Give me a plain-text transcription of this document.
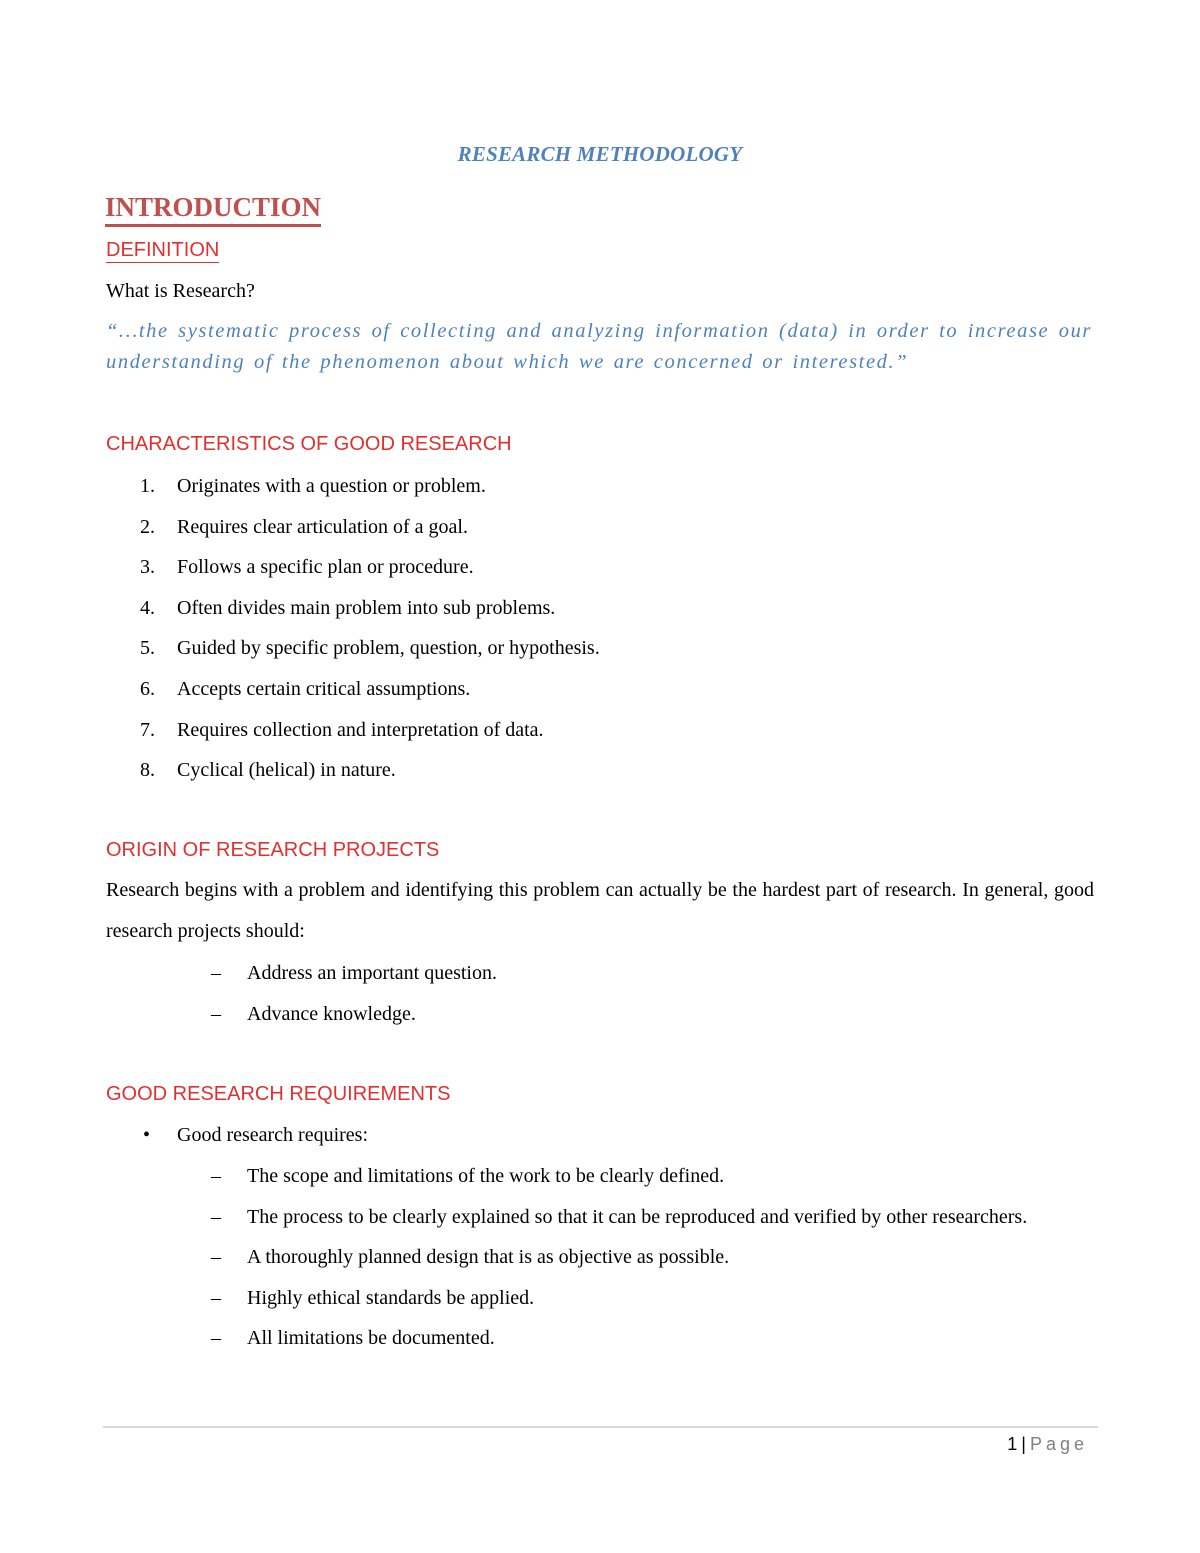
RESEARCH METHODOLOGY
INTRODUCTION
DEFINITION
What is Research?
“…the systematic process of collecting and analyzing information (data) in order to increase our understanding of the phenomenon about which we are concerned or interested.”
CHARACTERISTICS OF GOOD RESEARCH
1. Originates with a question or problem.
2. Requires clear articulation of a goal.
3. Follows a specific plan or procedure.
4. Often divides main problem into sub problems.
5. Guided by specific problem, question, or hypothesis.
6. Accepts certain critical assumptions.
7. Requires collection and interpretation of data.
8. Cyclical (helical) in nature.
ORIGIN OF RESEARCH PROJECTS
Research begins with a problem and identifying this problem can actually be the hardest part of research. In general, good research projects should:
– Address an important question.
– Advance knowledge.
GOOD RESEARCH REQUIREMENTS
• Good research requires:
– The scope and limitations of the work to be clearly defined.
– The process to be clearly explained so that it can be reproduced and verified by other researchers.
– A thoroughly planned design that is as objective as possible.
– Highly ethical standards be applied.
– All limitations be documented.
1 | Page
